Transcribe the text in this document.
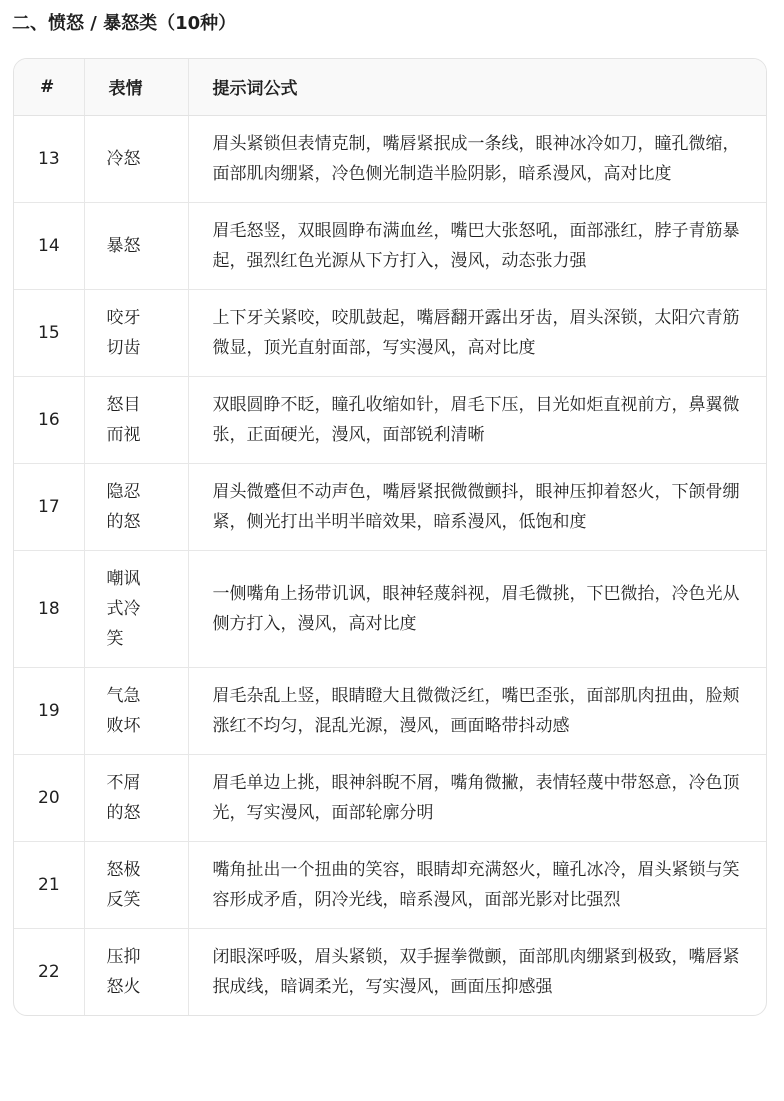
二、愤怒 / 暴怒类（10种）
#	表情	提示词公式
13	冷怒	眉头紧锁但表情克制，嘴唇紧抿成一条线，眼神冰冷如刀，瞳孔微缩，面部肌肉绷紧，冷色侧光制造半脸阴影，暗系漫风，高对比度
14	暴怒	眉毛怒竖，双眼圆睁布满血丝，嘴巴大张怒吼，面部涨红，脖子青筋暴起，强烈红色光源从下方打入，漫风，动态张力强
15	咬牙切齿	上下牙关紧咬，咬肌鼓起，嘴唇翻开露出牙齿，眉头深锁，太阳穴青筋微显，顶光直射面部，写实漫风，高对比度
16	怒目而视	双眼圆睁不眨，瞳孔收缩如针，眉毛下压，目光如炬直视前方，鼻翼微张，正面硬光，漫风，面部锐利清晰
17	隐忍的怒	眉头微蹙但不动声色，嘴唇紧抿微微颤抖，眼神压抑着怒火，下颌骨绷紧，侧光打出半明半暗效果，暗系漫风，低饱和度
18	嘲讽式冷笑	一侧嘴角上扬带讥讽，眼神轻蔑斜视，眉毛微挑，下巴微抬，冷色光从侧方打入，漫风，高对比度
19	气急败坏	眉毛杂乱上竖，眼睛瞪大且微微泛红，嘴巴歪张，面部肌肉扭曲，脸颊涨红不均匀，混乱光源，漫风，画面略带抖动感
20	不屑的怒	眉毛单边上挑，眼神斜睨不屑，嘴角微撇，表情轻蔑中带怒意，冷色顶光，写实漫风，面部轮廓分明
21	怒极反笑	嘴角扯出一个扭曲的笑容，眼睛却充满怒火，瞳孔冰冷，眉头紧锁与笑容形成矛盾，阴冷光线，暗系漫风，面部光影对比强烈
22	压抑怒火	闭眼深呼吸，眉头紧锁，双手握拳微颤，面部肌肉绷紧到极致，嘴唇紧抿成线，暗调柔光，写实漫风，画面压抑感强
